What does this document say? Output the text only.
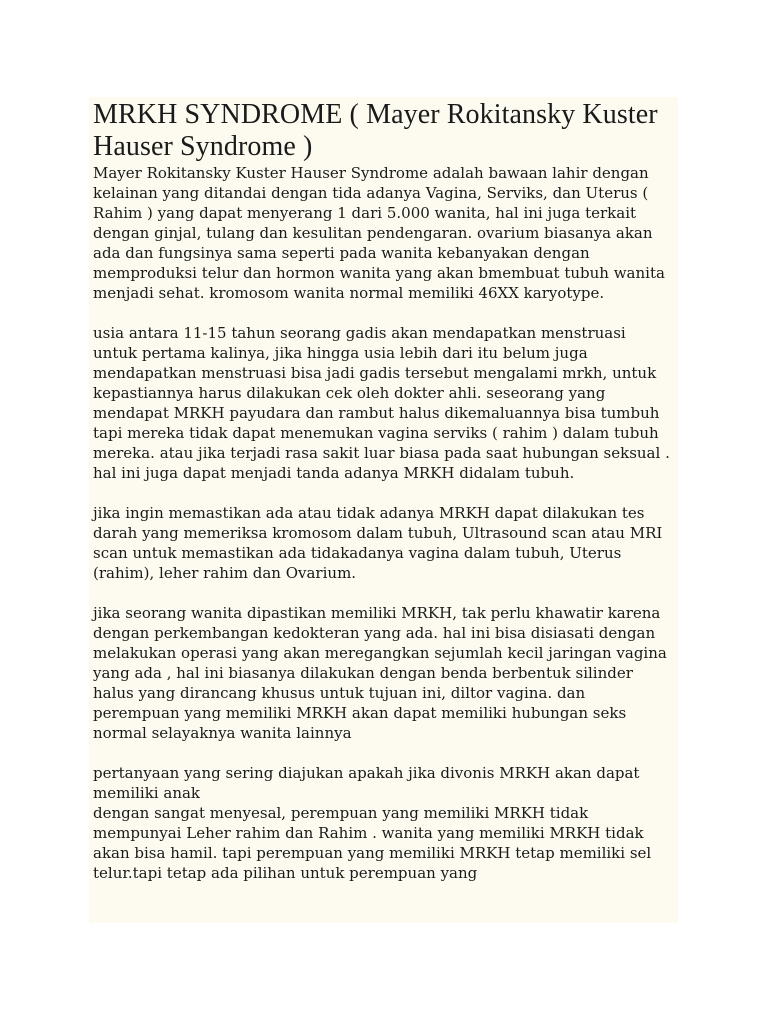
MRKH SYNDROME ( Mayer Rokitansky Kuster Hauser Syndrome )

Mayer Rokitansky Kuster Hauser Syndrome adalah bawaan lahir dengan kelainan yang ditandai dengan tida adanya Vagina, Serviks, dan Uterus ( Rahim ) yang dapat menyerang 1 dari 5.000 wanita, hal ini juga terkait dengan ginjal, tulang dan kesulitan pendengaran. ovarium biasanya akan ada dan fungsinya sama seperti pada wanita kebanyakan dengan memproduksi telur dan hormon wanita yang akan bmembuat tubuh wanita menjadi sehat. kromosom wanita normal memiliki 46XX karyotype.

usia antara 11-15 tahun seorang gadis akan mendapatkan menstruasi untuk pertama kalinya, jika hingga usia lebih dari itu belum juga mendapatkan menstruasi bisa jadi gadis tersebut mengalami mrkh, untuk kepastiannya harus dilakukan cek oleh dokter ahli. seseorang yang mendapat MRKH payudara dan rambut halus dikemaluannya bisa tumbuh tapi mereka tidak dapat menemukan vagina serviks ( rahim ) dalam tubuh mereka. atau jika terjadi rasa sakit luar biasa pada saat hubungan seksual . hal ini juga dapat menjadi tanda adanya MRKH didalam tubuh.

jika ingin memastikan ada atau tidak adanya MRKH dapat dilakukan tes darah yang memeriksa kromosom dalam tubuh, Ultrasound scan atau MRI scan untuk memastikan ada tidakadanya vagina dalam tubuh, Uterus (rahim), leher rahim dan Ovarium.

jika seorang wanita dipastikan memiliki MRKH, tak perlu khawatir karena dengan perkembangan kedokteran yang ada. hal ini bisa disiasati dengan melakukan operasi yang akan meregangkan sejumlah kecil jaringan vagina yang ada , hal ini biasanya dilakukan dengan benda berbentuk silinder halus yang dirancang khusus untuk tujuan ini, diltor vagina. dan perempuan yang memiliki MRKH akan dapat memiliki hubungan seks normal selayaknya wanita lainnya

pertanyaan yang sering diajukan apakah jika divonis MRKH akan dapat memiliki anak
dengan sangat menyesal, perempuan yang memiliki MRKH tidak mempunyai Leher rahim dan Rahim . wanita yang memiliki MRKH tidak akan bisa hamil. tapi perempuan yang memiliki MRKH tetap memiliki sel telur.tapi tetap ada pilihan untuk perempuan yang
